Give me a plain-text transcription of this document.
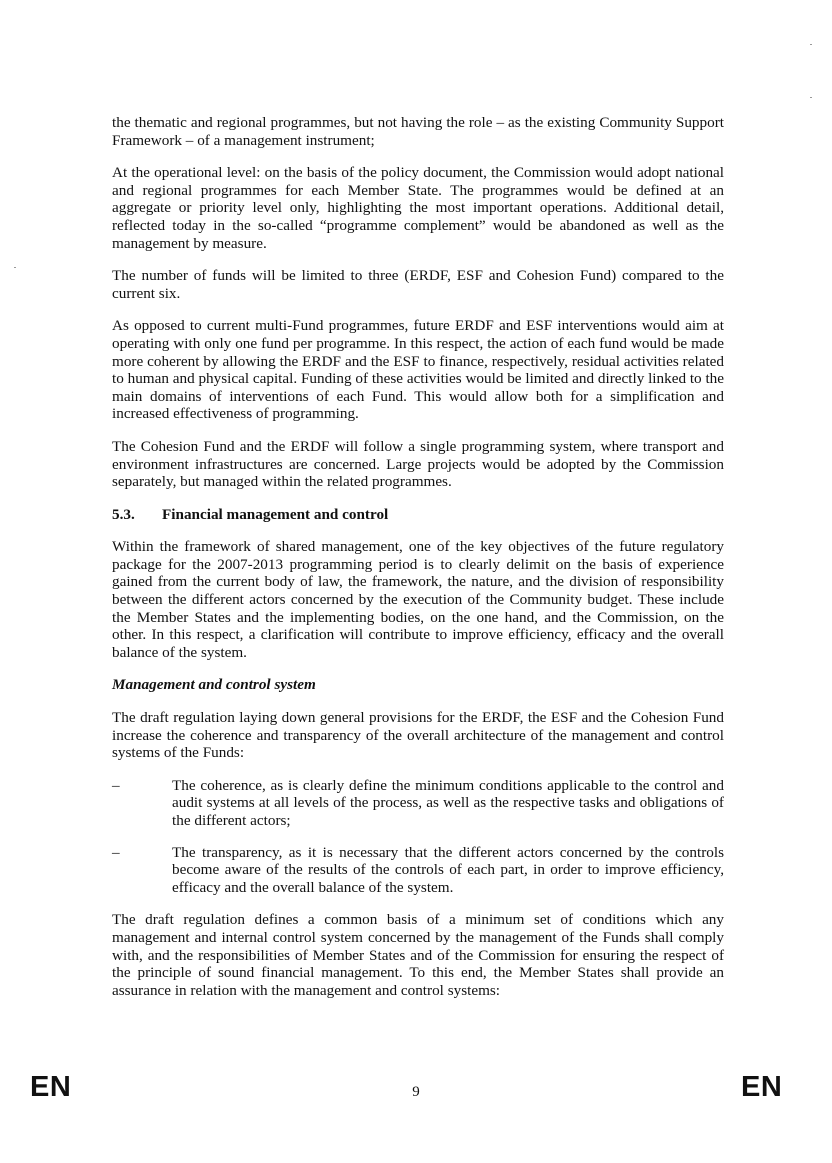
the thematic and regional programmes, but not having the role – as the existing Community Support Framework – of a management instrument;

At the operational level: on the basis of the policy document, the Commission would adopt national and regional programmes for each Member State. The programmes would be defined at an aggregate or priority level only, highlighting the most important operations. Additional detail, reflected today in the so-called “programme complement” would be abandoned as well as the management by measure.

The number of funds will be limited to three (ERDF, ESF and Cohesion Fund) compared to the current six.

As opposed to current multi-Fund programmes, future ERDF and ESF interventions would aim at operating with only one fund per programme. In this respect, the action of each fund would be made more coherent by allowing the ERDF and the ESF to finance, respectively, residual activities related to human and physical capital. Funding of these activities would be limited and directly linked to the main domains of interventions of each Fund. This would allow both for a simplification and increased effectiveness of programming.

The Cohesion Fund and the ERDF will follow a single programming system, where transport and environment infrastructures are concerned. Large projects would be adopted by the Commission separately, but managed within the related programmes.

5.3. Financial management and control

Within the framework of shared management, one of the key objectives of the future regulatory package for the 2007-2013 programming period is to clearly delimit on the basis of experience gained from the current body of law, the framework, the nature, and the division of responsibility between the different actors concerned by the execution of the Community budget. These include the Member States and the implementing bodies, on the one hand, and the Commission, on the other. In this respect, a clarification will contribute to improve efficiency, efficacy and the overall balance of the system.

Management and control system

The draft regulation laying down general provisions for the ERDF, the ESF and the Cohesion Fund increase the coherence and transparency of the overall architecture of the management and control systems of the Funds:

–	The coherence, as is clearly define the minimum conditions applicable to the control and audit systems at all levels of the process, as well as the respective tasks and obligations of the different actors;
–	The transparency, as it is necessary that the different actors concerned by the controls become aware of the results of the controls of each part, in order to improve efficiency, efficacy and the overall balance of the system.

The draft regulation defines a common basis of a minimum set of conditions which any management and internal control system concerned by the management of the Funds shall comply with, and the responsibilities of Member States and of the Commission for ensuring the respect of the principle of sound financial management. To this end, the Member States shall provide an assurance in relation with the management and control systems:

EN	9	EN
